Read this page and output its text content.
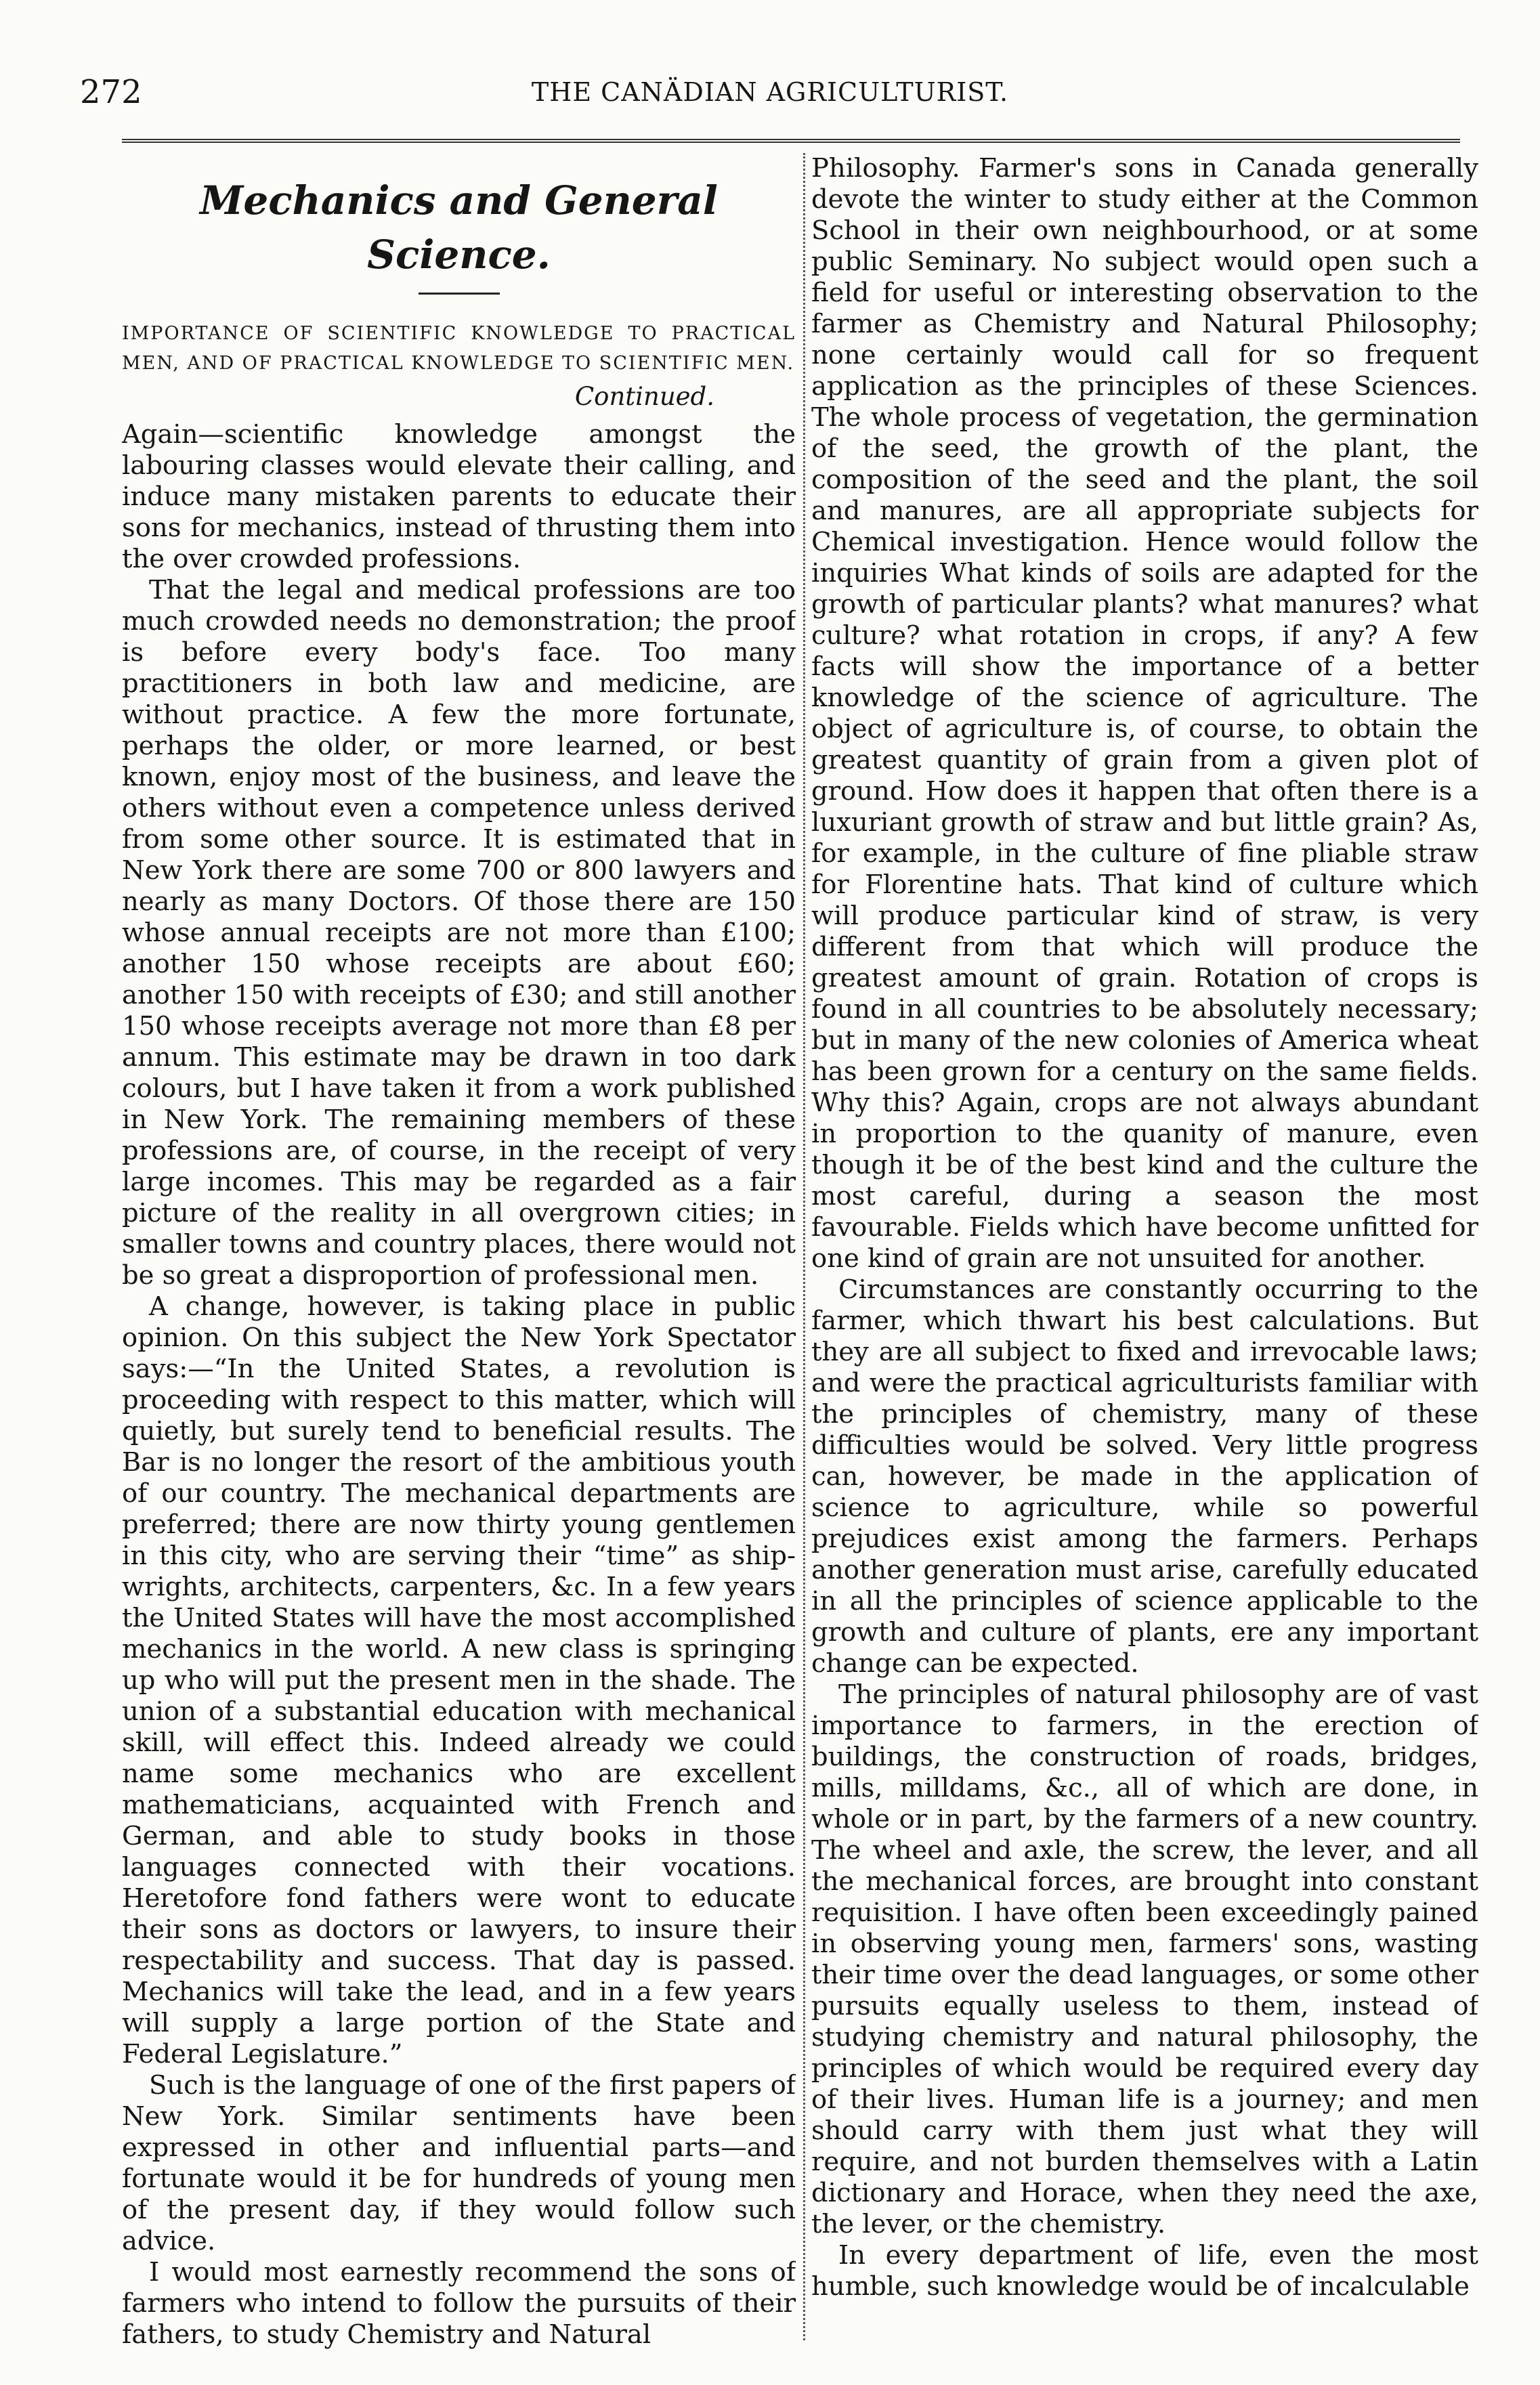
272	THE CANÄDIAN AGRICULTURIST.
Mechanics and General Science.

IMPORTANCE OF SCIENTIFIC KNOWLEDGE TO PRACTICAL MEN, AND OF PRACTICAL KNOWLEDGE TO SCIENTIFIC MEN.

Continued.

Again—scientific knowledge amongst the labouring classes would elevate their calling, and induce many mistaken parents to educate their sons for mechanics, instead of thrusting them into the over crowded professions.

That the legal and medical professions are too much crowded needs no demonstration; the proof is before every body's face. Too many practitioners in both law and medicine, are without practice. A few the more fortunate, perhaps the older, or more learned, or best known, enjoy most of the business, and leave the others without even a competence unless derived from some other source. It is estimated that in New York there are some 700 or 800 lawyers and nearly as many Doctors. Of those there are 150 whose annual receipts are not more than £100; another 150 whose receipts are about £60; another 150 with receipts of £30; and still another 150 whose receipts average not more than £8 per annum. This estimate may be drawn in too dark colours, but I have taken it from a work published in New York. The remaining members of these professions are, of course, in the receipt of very large incomes. This may be regarded as a fair picture of the reality in all overgrown cities; in smaller towns and country places, there would not be so great a disproportion of professional men.

A change, however, is taking place in public opinion. On this subject the New York Spectator says:—“In the United States, a revolution is proceeding with respect to this matter, which will quietly, but surely tend to beneficial results. The Bar is no longer the resort of the ambitious youth of our country. The mechanical departments are preferred; there are now thirty young gentlemen in this city, who are serving their “time” as ship-wrights, architects, carpenters, &c. In a few years the United States will have the most accomplished mechanics in the world. A new class is springing up who will put the present men in the shade. The union of a substantial education with mechanical skill, will effect this. Indeed already we could name some mechanics who are excellent mathematicians, acquainted with French and German, and able to study books in those languages connected with their vocations. Heretofore fond fathers were wont to educate their sons as doctors or lawyers, to insure their respectability and success. That day is passed. Mechanics will take the lead, and in a few years will supply a large portion of the State and Federal Legislature.”

Such is the language of one of the first papers of New York. Similar sentiments have been expressed in other and influential parts—and fortunate would it be for hundreds of young men of the present day, if they would follow such advice.

I would most earnestly recommend the sons of farmers who intend to follow the pursuits of their fathers, to study Chemistry and Natural

Philosophy. Farmer's sons in Canada generally devote the winter to study either at the Common School in their own neighbourhood, or at some public Seminary. No subject would open such a field for useful or interesting observation to the farmer as Chemistry and Natural Philosophy; none certainly would call for so frequent application as the principles of these Sciences. The whole process of vegetation, the germination of the seed, the growth of the plant, the composition of the seed and the plant, the soil and manures, are all appropriate subjects for Chemical investigation. Hence would follow the inquiries What kinds of soils are adapted for the growth of particular plants? what manures? what culture? what rotation in crops, if any? A few facts will show the importance of a better knowledge of the science of agriculture. The object of agriculture is, of course, to obtain the greatest quantity of grain from a given plot of ground. How does it happen that often there is a luxuriant growth of straw and but little grain? As, for example, in the culture of fine pliable straw for Florentine hats. That kind of culture which will produce particular kind of straw, is very different from that which will produce the greatest amount of grain. Rotation of crops is found in all countries to be absolutely necessary; but in many of the new colonies of America wheat has been grown for a century on the same fields. Why this? Again, crops are not always abundant in proportion to the quanity of manure, even though it be of the best kind and the culture the most careful, during a season the most favourable. Fields which have become unfitted for one kind of grain are not unsuited for another.

Circumstances are constantly occurring to the farmer, which thwart his best calculations. But they are all subject to fixed and irrevocable laws; and were the practical agriculturists familiar with the principles of chemistry, many of these difficulties would be solved. Very little progress can, however, be made in the application of science to agriculture, while so powerful prejudices exist among the farmers. Perhaps another generation must arise, carefully educated in all the principles of science applicable to the growth and culture of plants, ere any important change can be expected.

The principles of natural philosophy are of vast importance to farmers, in the erection of buildings, the construction of roads, bridges, mills, milldams, &c., all of which are done, in whole or in part, by the farmers of a new country. The wheel and axle, the screw, the lever, and all the mechanical forces, are brought into constant requisition. I have often been exceedingly pained in observing young men, farmers' sons, wasting their time over the dead languages, or some other pursuits equally useless to them, instead of studying chemistry and natural philosophy, the principles of which would be required every day of their lives. Human life is a journey; and men should carry with them just what they will require, and not burden themselves with a Latin dictionary and Horace, when they need the axe, the lever, or the chemistry.

In every department of life, even the most humble, such knowledge would be of incalculable
